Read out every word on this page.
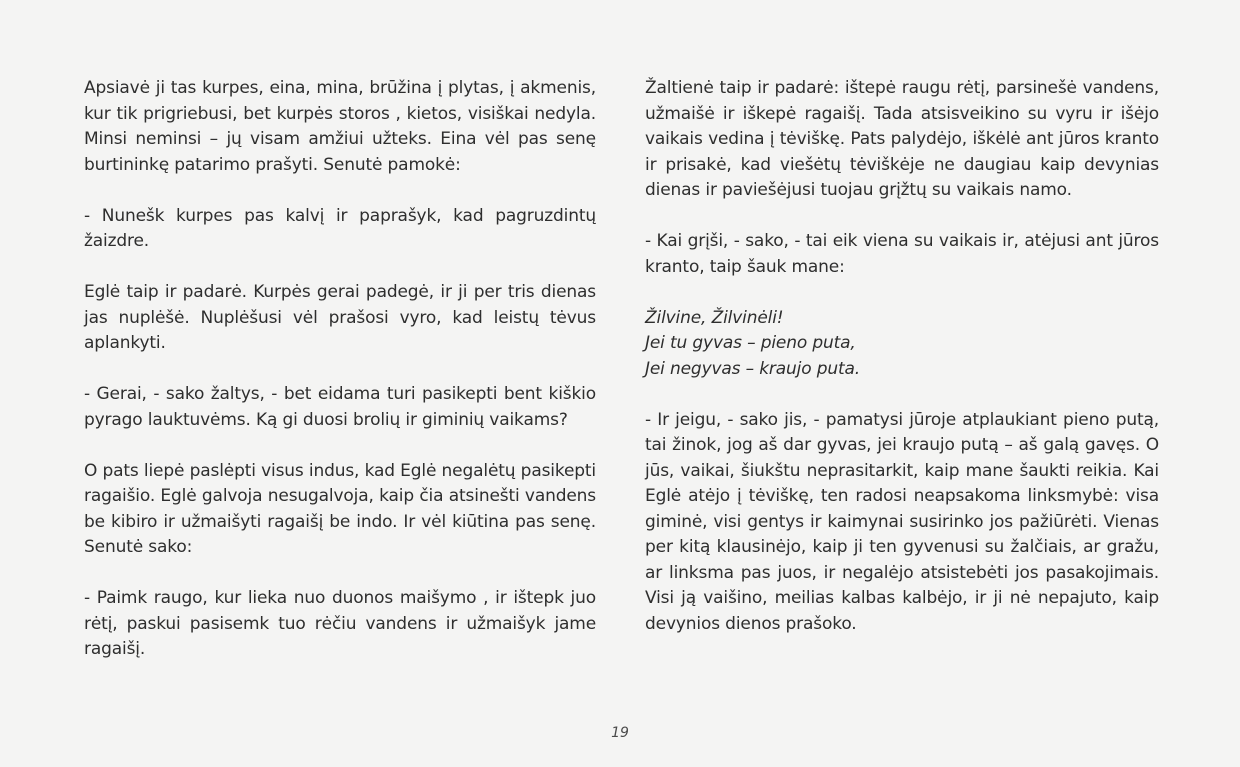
Apsiavė ji tas kurpes, eina, mina, brūžina į plytas, į akmenis, kur tik prigriebusi, bet kurpės storos , kietos, visiškai nedyla. Minsi neminsi – jų visam amžiui užteks. Eina vėl pas senę burtininkę patarimo prašyti. Senutė pamokė:

- Nunešk kurpes pas kalvį ir paprašyk, kad pagruzdintų žaizdre.

Eglė taip ir padarė. Kurpės gerai padegė, ir ji per tris dienas jas nuplėšė. Nuplėšusi vėl prašosi vyro, kad leistų tėvus aplankyti.

- Gerai, - sako žaltys, - bet eidama turi pasikepti bent kiškio pyrago lauktuvėms. Ką gi duosi brolių ir giminių vaikams?

O pats liepė paslėpti visus indus, kad Eglė negalėtų pasikepti ragaišio. Eglė galvoja nesugalvoja, kaip čia atsinešti vandens be kibiro ir užmaišyti ragaišį be indo. Ir vėl kiūtina pas senę. Senutė sako:

- Paimk raugo, kur lieka nuo duonos maišymo , ir ištepk juo rėtį, paskui pasisemk tuo rėčiu vandens ir užmaišyk jame ragaišį.

Žaltienė taip ir padarė: ištepė raugu rėtį, parsinešė vandens, užmaišė ir iškepė ragaišį. Tada atsisveikino su vyru ir išėjo vaikais vedina į tėviškę. Pats palydėjo, iškėlė ant jūros kranto ir prisakė, kad viešėtų tėviškėje ne daugiau kaip devynias dienas ir paviešėjusi tuojau grįžtų su vaikais namo.

- Kai grįši, - sako, - tai eik viena su vaikais ir, atėjusi ant jūros kranto, taip šauk mane:

Žilvine, Žilvinėli!
Jei tu gyvas – pieno puta,
Jei negyvas – kraujo puta.

- Ir jeigu, - sako jis, - pamatysi jūroje atplaukiant pieno putą, tai žinok, jog aš dar gyvas, jei kraujo putą – aš galą gavęs. O jūs, vaikai, šiukštu neprasitarkit, kaip mane šaukti reikia. Kai Eglė atėjo į tėviškę, ten radosi neapsakoma linksmybė: visa giminė, visi gentys ir kaimynai susirinko jos pažiūrėti. Vienas per kitą klausinėjo, kaip ji ten gyvenusi su žalčiais, ar gražu, ar linksma pas juos, ir negalėjo atsistebėti jos pasakojimais. Visi ją vaišino, meilias kalbas kalbėjo, ir ji nė nepajuto, kaip devynios dienos prašoko.

19
